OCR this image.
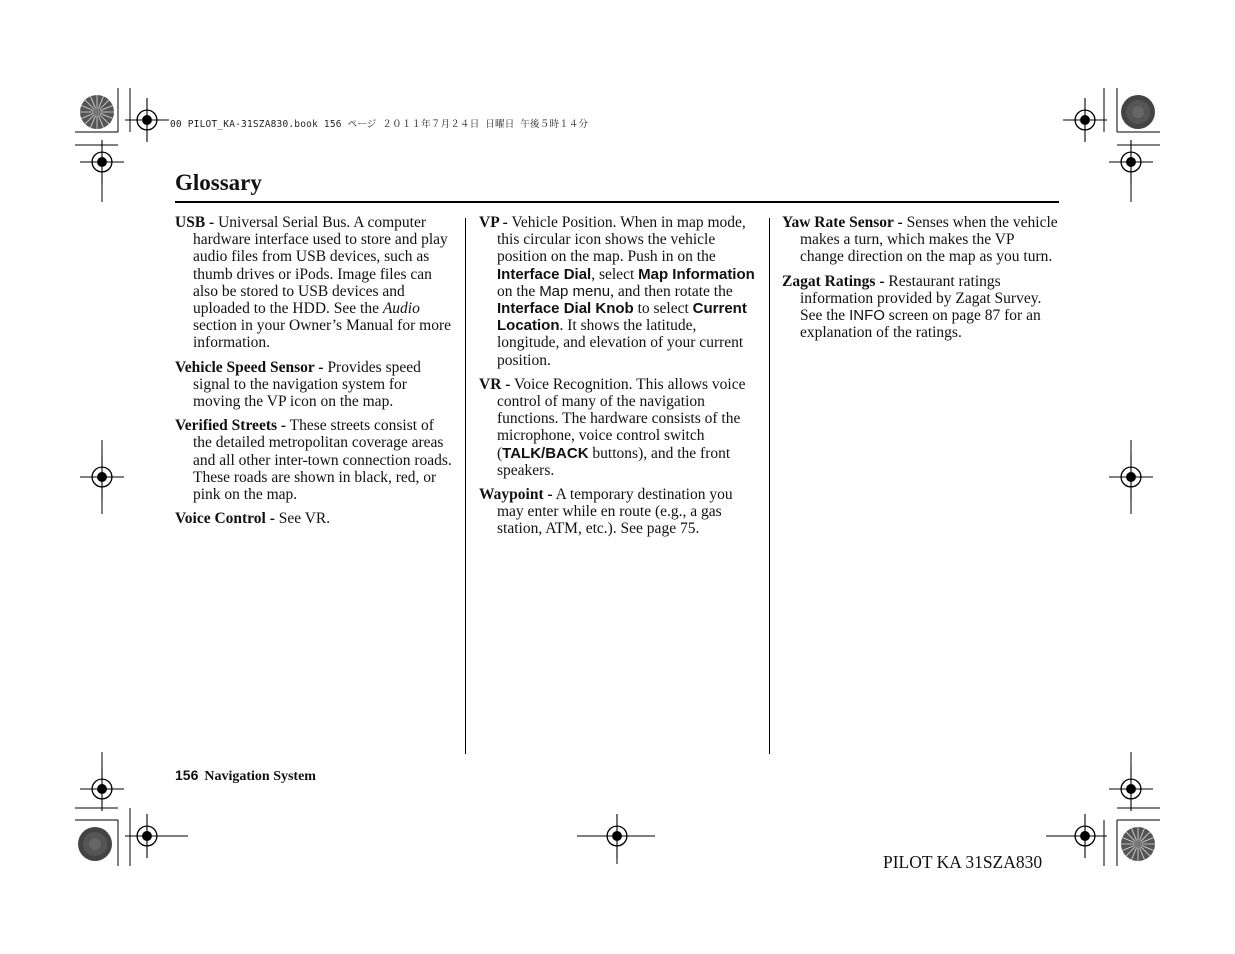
00 PILOT_KA-31SZA830.book 156 ページ ２０１１年７月２４日 日曜日 午後５時１４分
Glossary

USB - Universal Serial Bus. A computer hardware interface used to store and play audio files from USB devices, such as thumb drives or iPods. Image files can also be stored to USB devices and uploaded to the HDD. See the Audio section in your Owner’s Manual for more information.

Vehicle Speed Sensor - Provides speed signal to the navigation system for moving the VP icon on the map.

Verified Streets - These streets consist of the detailed metropolitan coverage areas and all other inter-town connection roads. These roads are shown in black, red, or pink on the map.

Voice Control - See VR.

VP - Vehicle Position. When in map mode, this circular icon shows the vehicle position on the map. Push in on the Interface Dial, select Map Information on the Map menu, and then rotate the Interface Dial Knob to select Current Location. It shows the latitude, longitude, and elevation of your current position.

VR - Voice Recognition. This allows voice control of many of the navigation functions. The hardware consists of the microphone, voice control switch (TALK/BACK buttons), and the front speakers.

Waypoint - A temporary destination you may enter while en route (e.g., a gas station, ATM, etc.). See page 75.

Yaw Rate Sensor - Senses when the vehicle makes a turn, which makes the VP change direction on the map as you turn.

Zagat Ratings - Restaurant ratings information provided by Zagat Survey. See the INFO screen on page 87 for an explanation of the ratings.

156 Navigation System
PILOT KA 31SZA830
